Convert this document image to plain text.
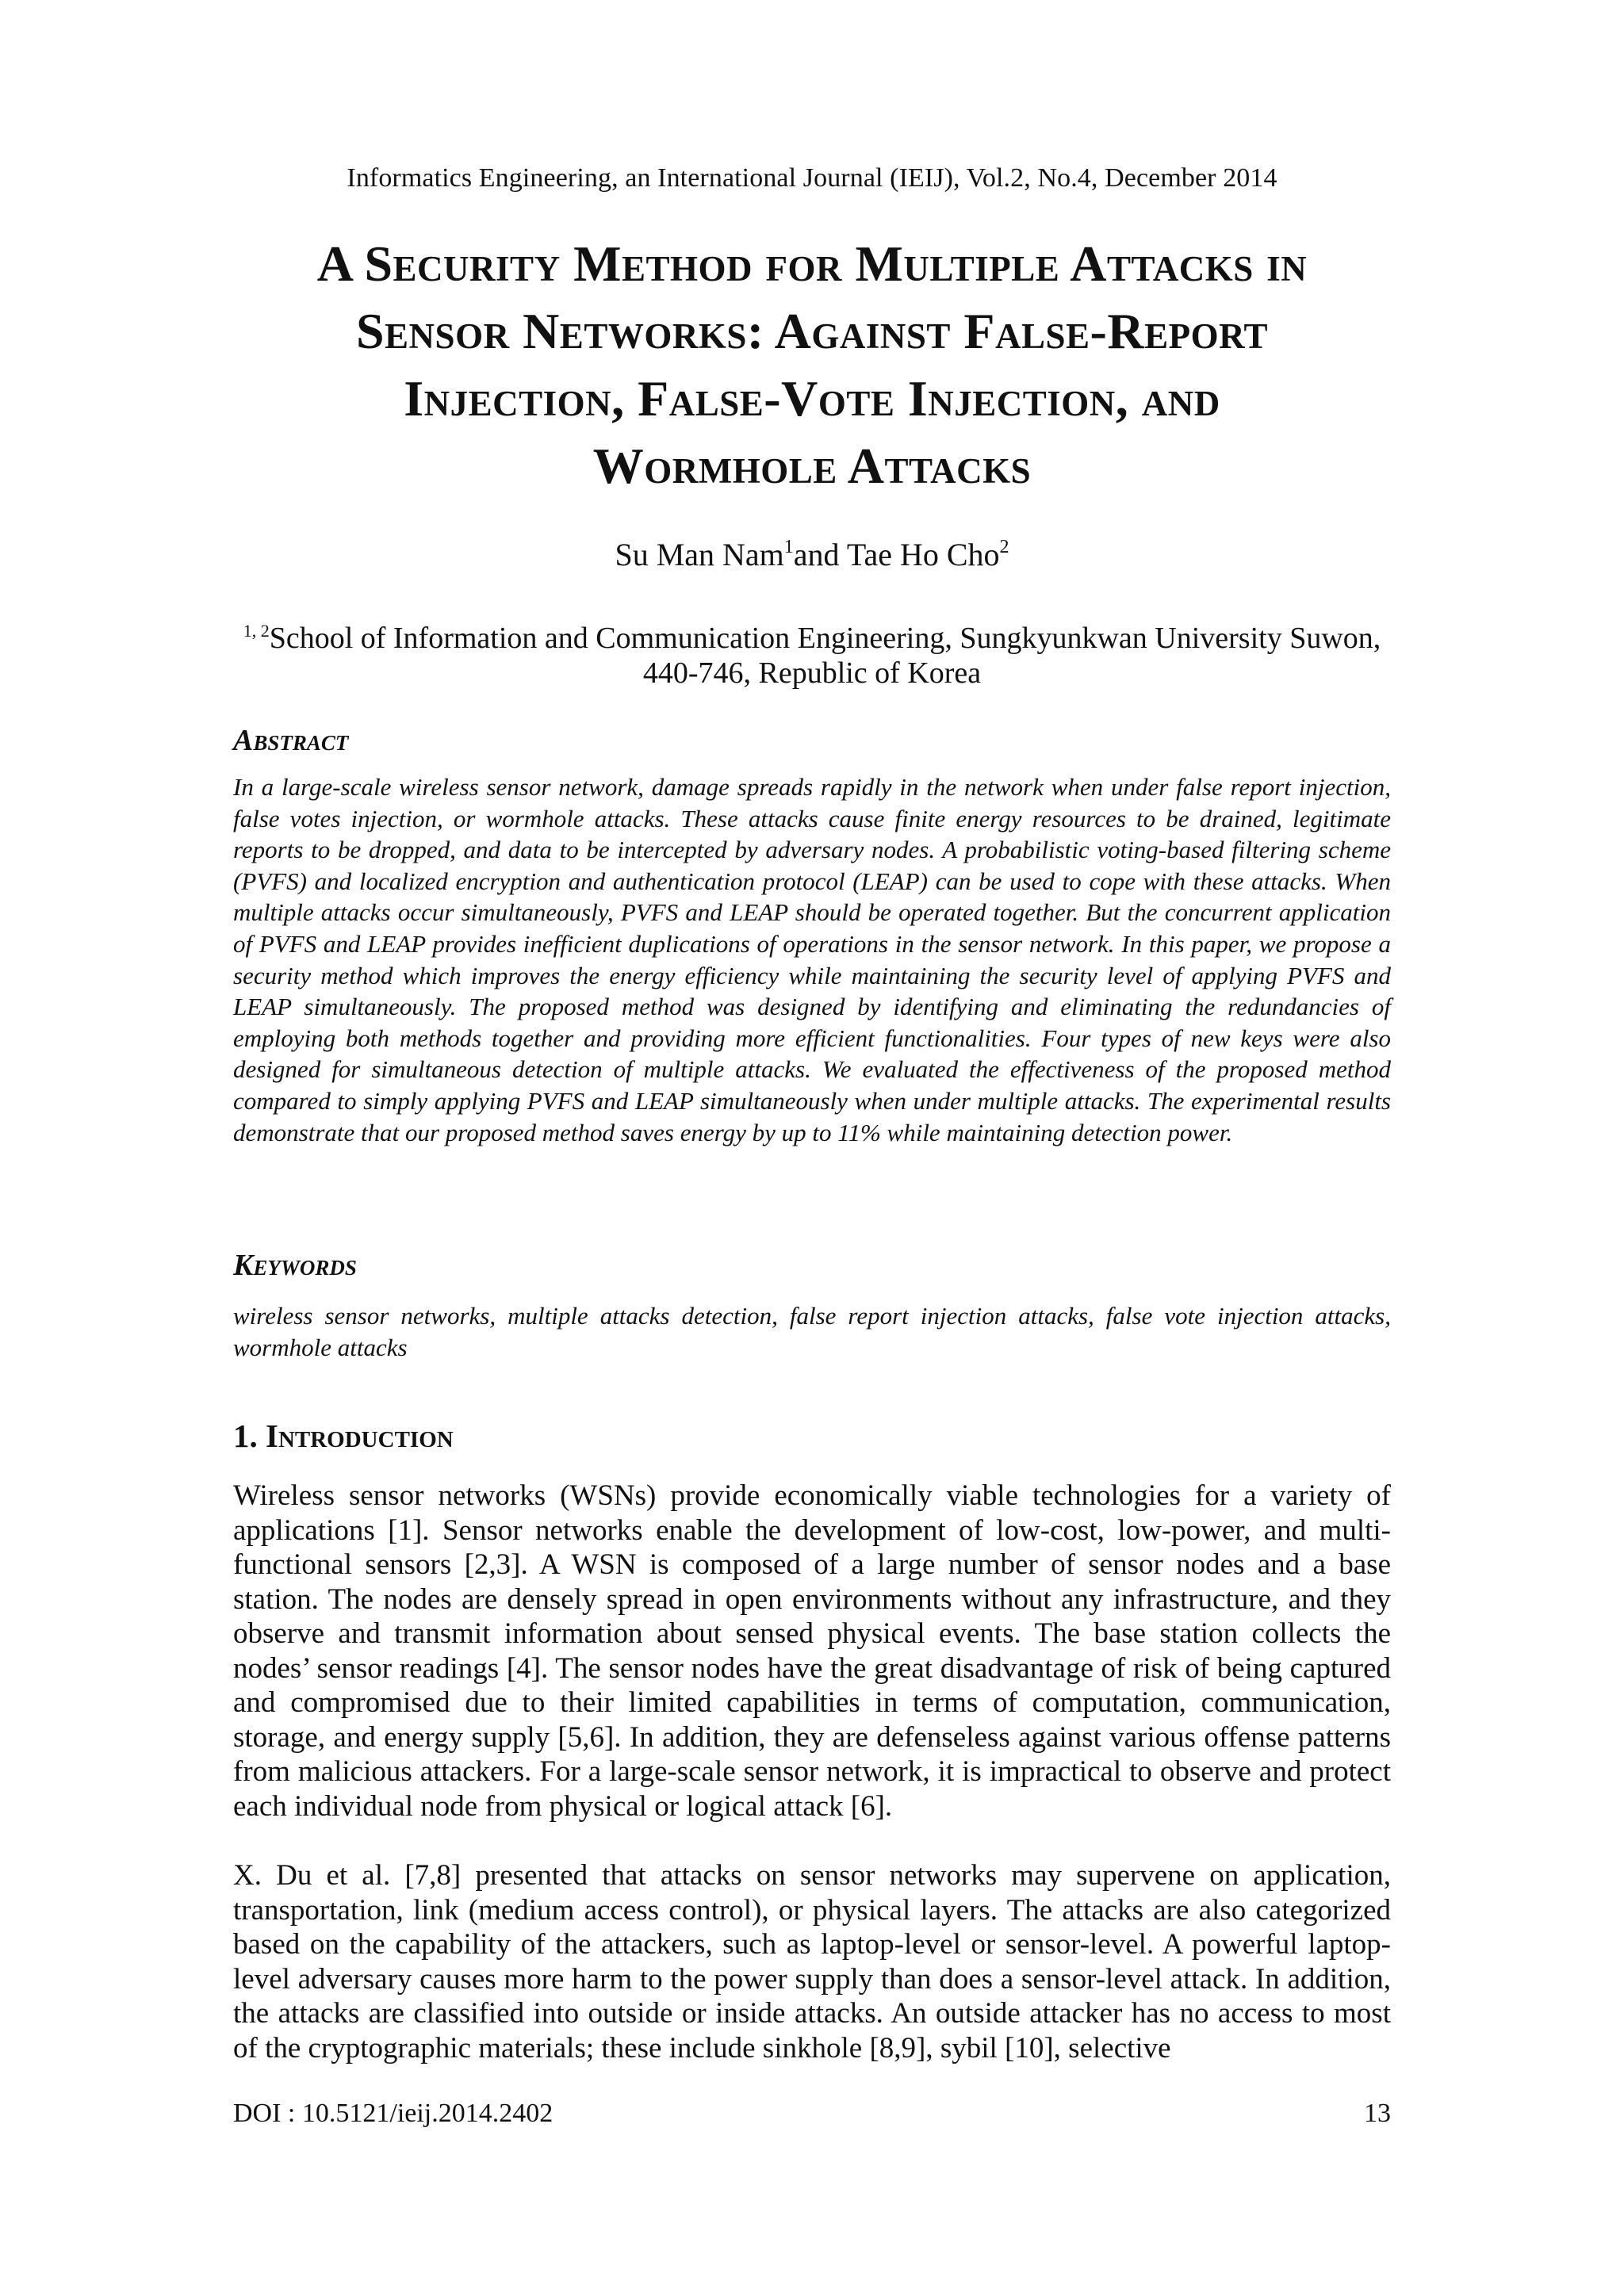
Informatics Engineering, an International Journal (IEIJ), Vol.2, No.4, December 2014
A Security Method for Multiple Attacks in
Sensor Networks: Against False-Report
Injection, False-Vote Injection, and
Wormhole Attacks
Su Man Nam$^1$and Tae Ho Cho$^2$
$^{1, 2}$School of Information and Communication Engineering, Sungkyunkwan University Suwon, 440-746, Republic of Korea
Abstract

In a large-scale wireless sensor network, damage spreads rapidly in the network when under false report injection, false votes injection, or wormhole attacks. These attacks cause finite energy resources to be drained, legitimate reports to be dropped, and data to be intercepted by adversary nodes. A probabilistic voting-based filtering scheme (PVFS) and localized encryption and authentication protocol (LEAP) can be used to cope with these attacks. When multiple attacks occur simultaneously, PVFS and LEAP should be operated together. But the concurrent application of PVFS and LEAP provides inefficient duplications of operations in the sensor network. In this paper, we propose a security method which improves the energy efficiency while maintaining the security level of applying PVFS and LEAP simultaneously. The proposed method was designed by identifying and eliminating the redundancies of employing both methods together and providing more efficient functionalities. Four types of new keys were also designed for simultaneous detection of multiple attacks. We evaluated the effectiveness of the proposed method compared to simply applying PVFS and LEAP simultaneously when under multiple attacks. The experimental results demonstrate that our proposed method saves energy by up to 11% while maintaining detection power.

Keywords

wireless sensor networks, multiple attacks detection, false report injection attacks, false vote injection attacks, wormhole attacks

1. Introduction

Wireless sensor networks (WSNs) provide economically viable technologies for a variety of applications [1]. Sensor networks enable the development of low-cost, low-power, and multi-functional sensors [2,3]. A WSN is composed of a large number of sensor nodes and a base station. The nodes are densely spread in open environments without any infrastructure, and they observe and transmit information about sensed physical events. The base station collects the nodes’ sensor readings [4]. The sensor nodes have the great disadvantage of risk of being captured and compromised due to their limited capabilities in terms of computation, communication, storage, and energy supply [5,6]. In addition, they are defenseless against various offense patterns from malicious attackers. For a large-scale sensor network, it is impractical to observe and protect each individual node from physical or logical attack [6].

X. Du et al. [7,8] presented that attacks on sensor networks may supervene on application, transportation, link (medium access control), or physical layers. The attacks are also categorized based on the capability of the attackers, such as laptop-level or sensor-level. A powerful laptop-level adversary causes more harm to the power supply than does a sensor-level attack. In addition, the attacks are classified into outside or inside attacks. An outside attacker has no access to most of the cryptographic materials; these include sinkhole [8,9], sybil [10], selective

DOI : 10.5121/ieij.2014.2402	13
